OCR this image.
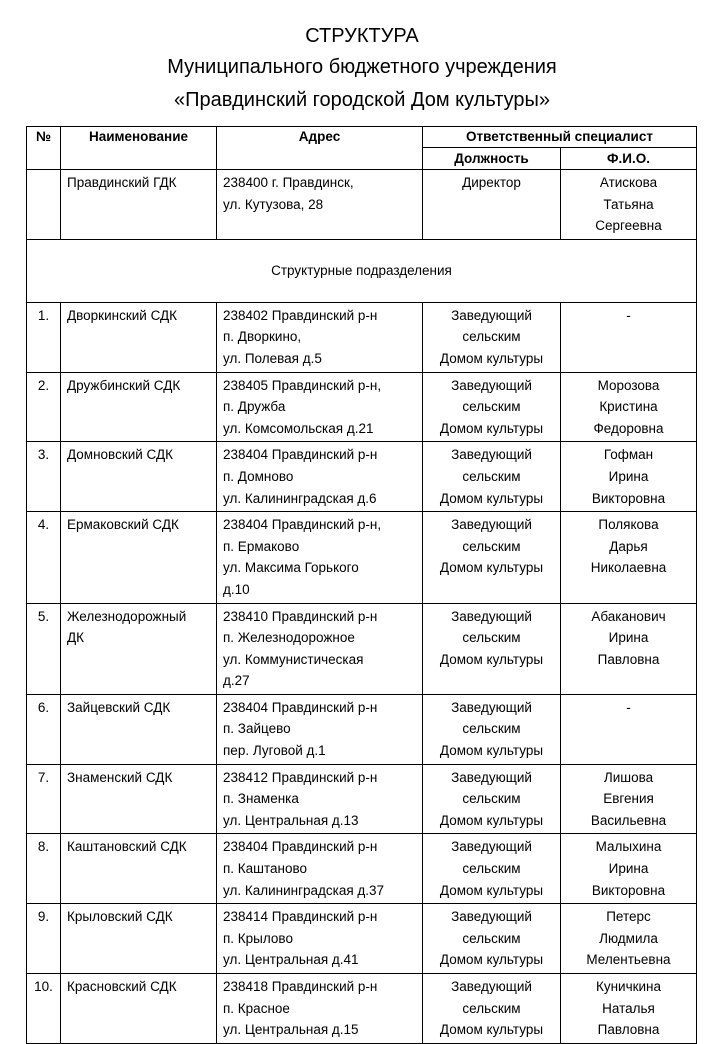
СТРУКТУРА
Муниципального бюджетного учреждения
«Правдинский городской Дом культуры»
№	Наименование	Адрес	Ответственный специалист	
			Должность	Ф.И.О.
	Правдинский ГДК	238400 г. Правдинск,
ул. Кутузова, 28	Директор	Атискова
Татьяна
Сергеевна

Структурные подразделения				
1.	Дворкинский СДК	238402 Правдинский р-н
п. Дворкино,
ул. Полевая д.5	Заведующий
сельским
Домом культуры	-

2.	Дружбинский СДК	238405 Правдинский р-н,
п. Дружба
ул. Комсомольская д.21	Заведующий
сельским
Домом культуры	Морозова
Кристина
Федоровна

3.	Домновский СДК	238404 Правдинский р-н
п. Домново
ул. Калининградская д.6	Заведующий
сельским
Домом культуры	Гофман
Ирина
Викторовна

4.	Ермаковский СДК	238404 Правдинский р-н,
п. Ермаково
ул. Максима Горького
д.10	Заведующий
сельским
Домом культуры	Полякова
Дарья
Николаевна

5.	Железнодорожный
ДК	238410 Правдинский р-н
п. Железнодорожное
ул. Коммунистическая
д.27	Заведующий
сельским
Домом культуры	Абаканович
Ирина
Павловна

6.	Зайцевский СДК	238404 Правдинский р-н
п. Зайцево
пер. Луговой д.1	Заведующий
сельским
Домом культуры	-

7.	Знаменский СДК	238412 Правдинский р-н
п. Знаменка
ул. Центральная д.13	Заведующий
сельским
Домом культуры	Лишова
Евгения
Васильевна

8.	Каштановский СДК	238404 Правдинский р-н
п. Каштаново
ул. Калининградская д.37	Заведующий
сельским
Домом культуры	Малыхина
Ирина
Викторовна

9.	Крыловский СДК	238414 Правдинский р-н
п. Крылово
ул. Центральная д.41	Заведующий
сельским
Домом культуры	Петерс
Людмила
Мелентьевна

10.	Красновский СДК	238418 Правдинский р-н
п. Красное
ул. Центральная д.15	Заведующий
сельским
Домом культуры	Куничкина
Наталья
Павловна
